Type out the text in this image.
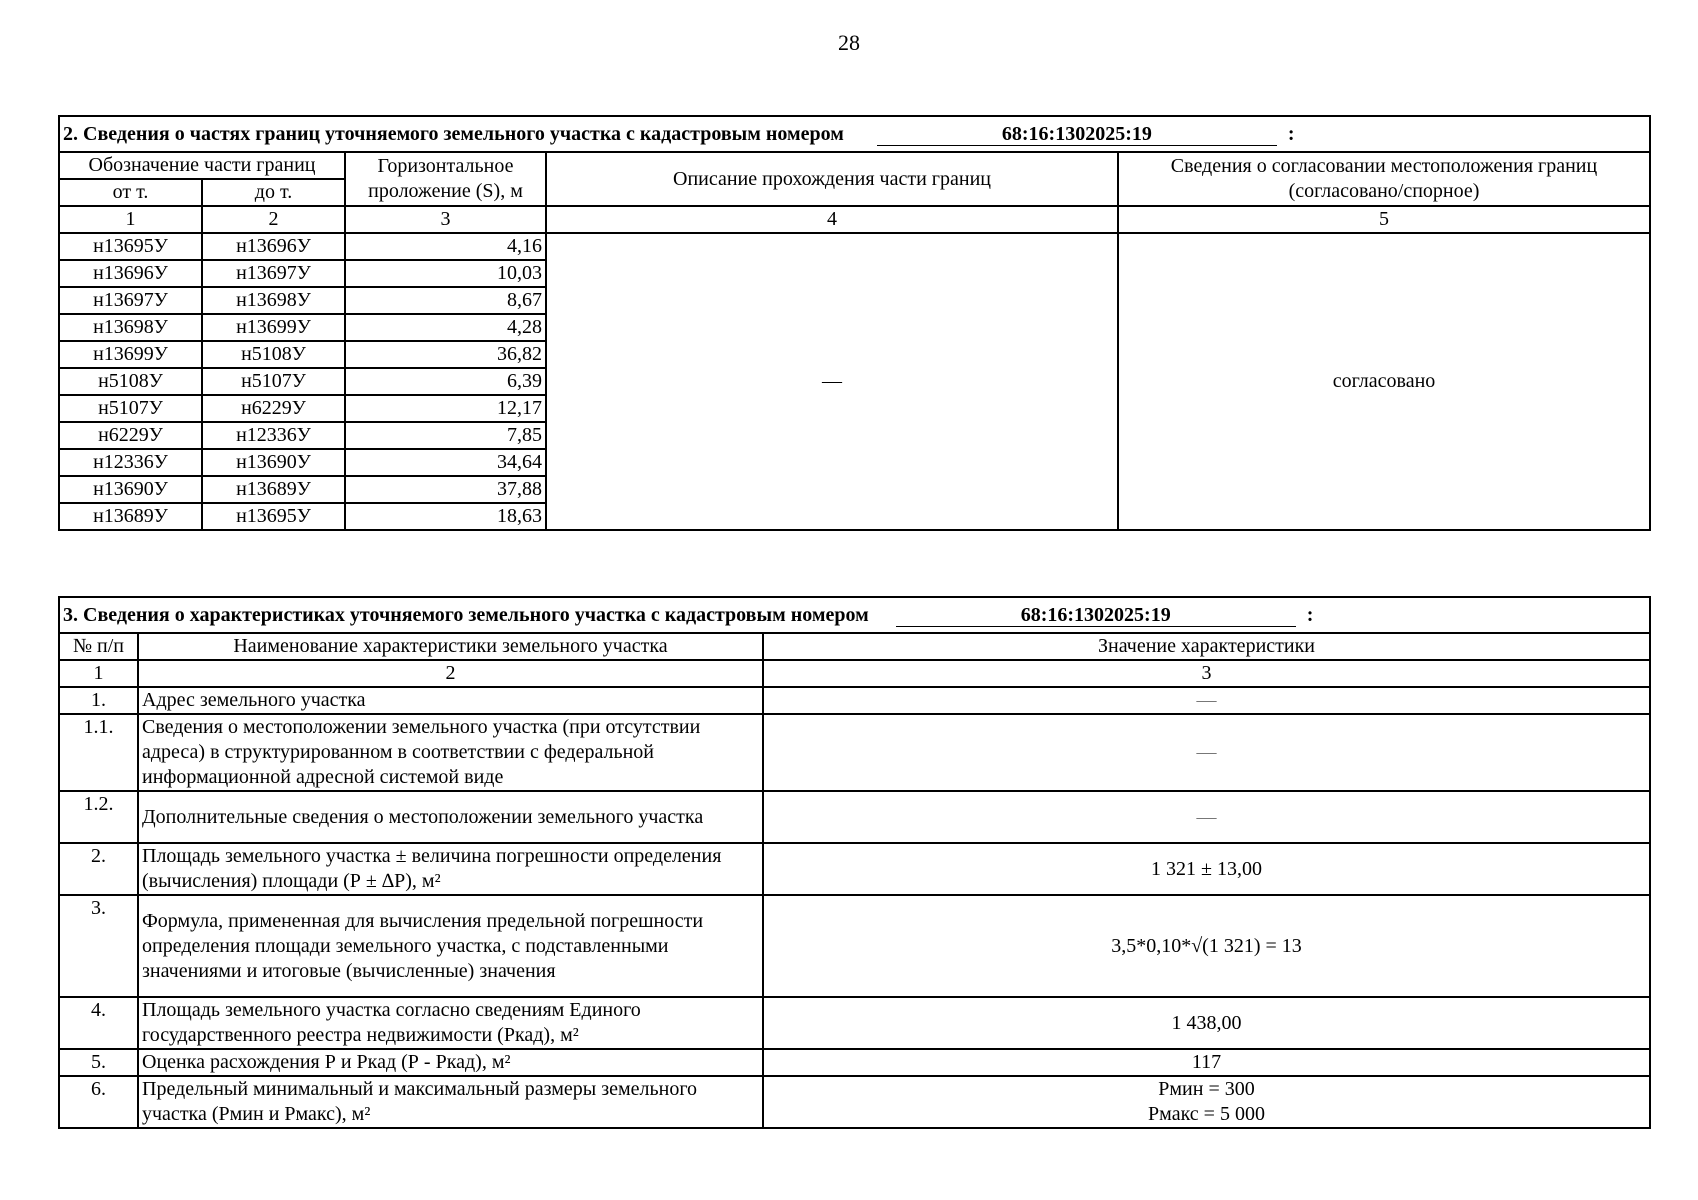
28
2. Сведения о частях границ уточняемого земельного участка с кадастровым номером 68:16:1302025:19 :				
Обозначение части границ		Горизонтальное проложение (S), м	Описание прохождения части границ	Сведения о согласовании местоположения границ (согласовано/спорное)
от т.	до т.			
1	2	3	4	5
н13695У	н13696У	4,16	—	согласовано
н13696У	н13697У	10,03		
н13697У	н13698У	8,67		
н13698У	н13699У	4,28		
н13699У	н5108У	36,82		
н5108У	н5107У	6,39		
н5107У	н6229У	12,17		
н6229У	н12336У	7,85		
н12336У	н13690У	34,64		
н13690У	н13689У	37,88		
н13689У	н13695У	18,63		
3. Сведения о характеристиках уточняемого земельного участка с кадастровым номером 68:16:1302025:19 :		
№ п/п	Наименование характеристики земельного участка	Значение характеристики
1	2	3
1.	Адрес земельного участка	—
1.1.	Сведения о местоположении земельного участка (при отсутствии адреса) в структурированном в соответствии с федеральной информационной адресной системой виде	—
1.2.	Дополнительные сведения о местоположении земельного участка	—
2.	Площадь земельного участка ± величина погрешности определения (вычисления) площади (Р ± ∆Р), м²	1 321 ± 13,00
3.	Формула, примененная для вычисления предельной погрешности определения площади земельного участка, с подставленными значениями и итоговые (вычисленные) значения	3,5*0,10*√(1 321) = 13
4.	Площадь земельного участка согласно сведениям Единого государственного реестра недвижимости (Ркад), м²	1 438,00
5.	Оценка расхождения Р и Ркад (Р - Ркад), м²	117
6.	Предельный минимальный и максимальный размеры земельного участка (Рмин и Рмакс), м²	Рмин = 300
Рмакс = 5 000
